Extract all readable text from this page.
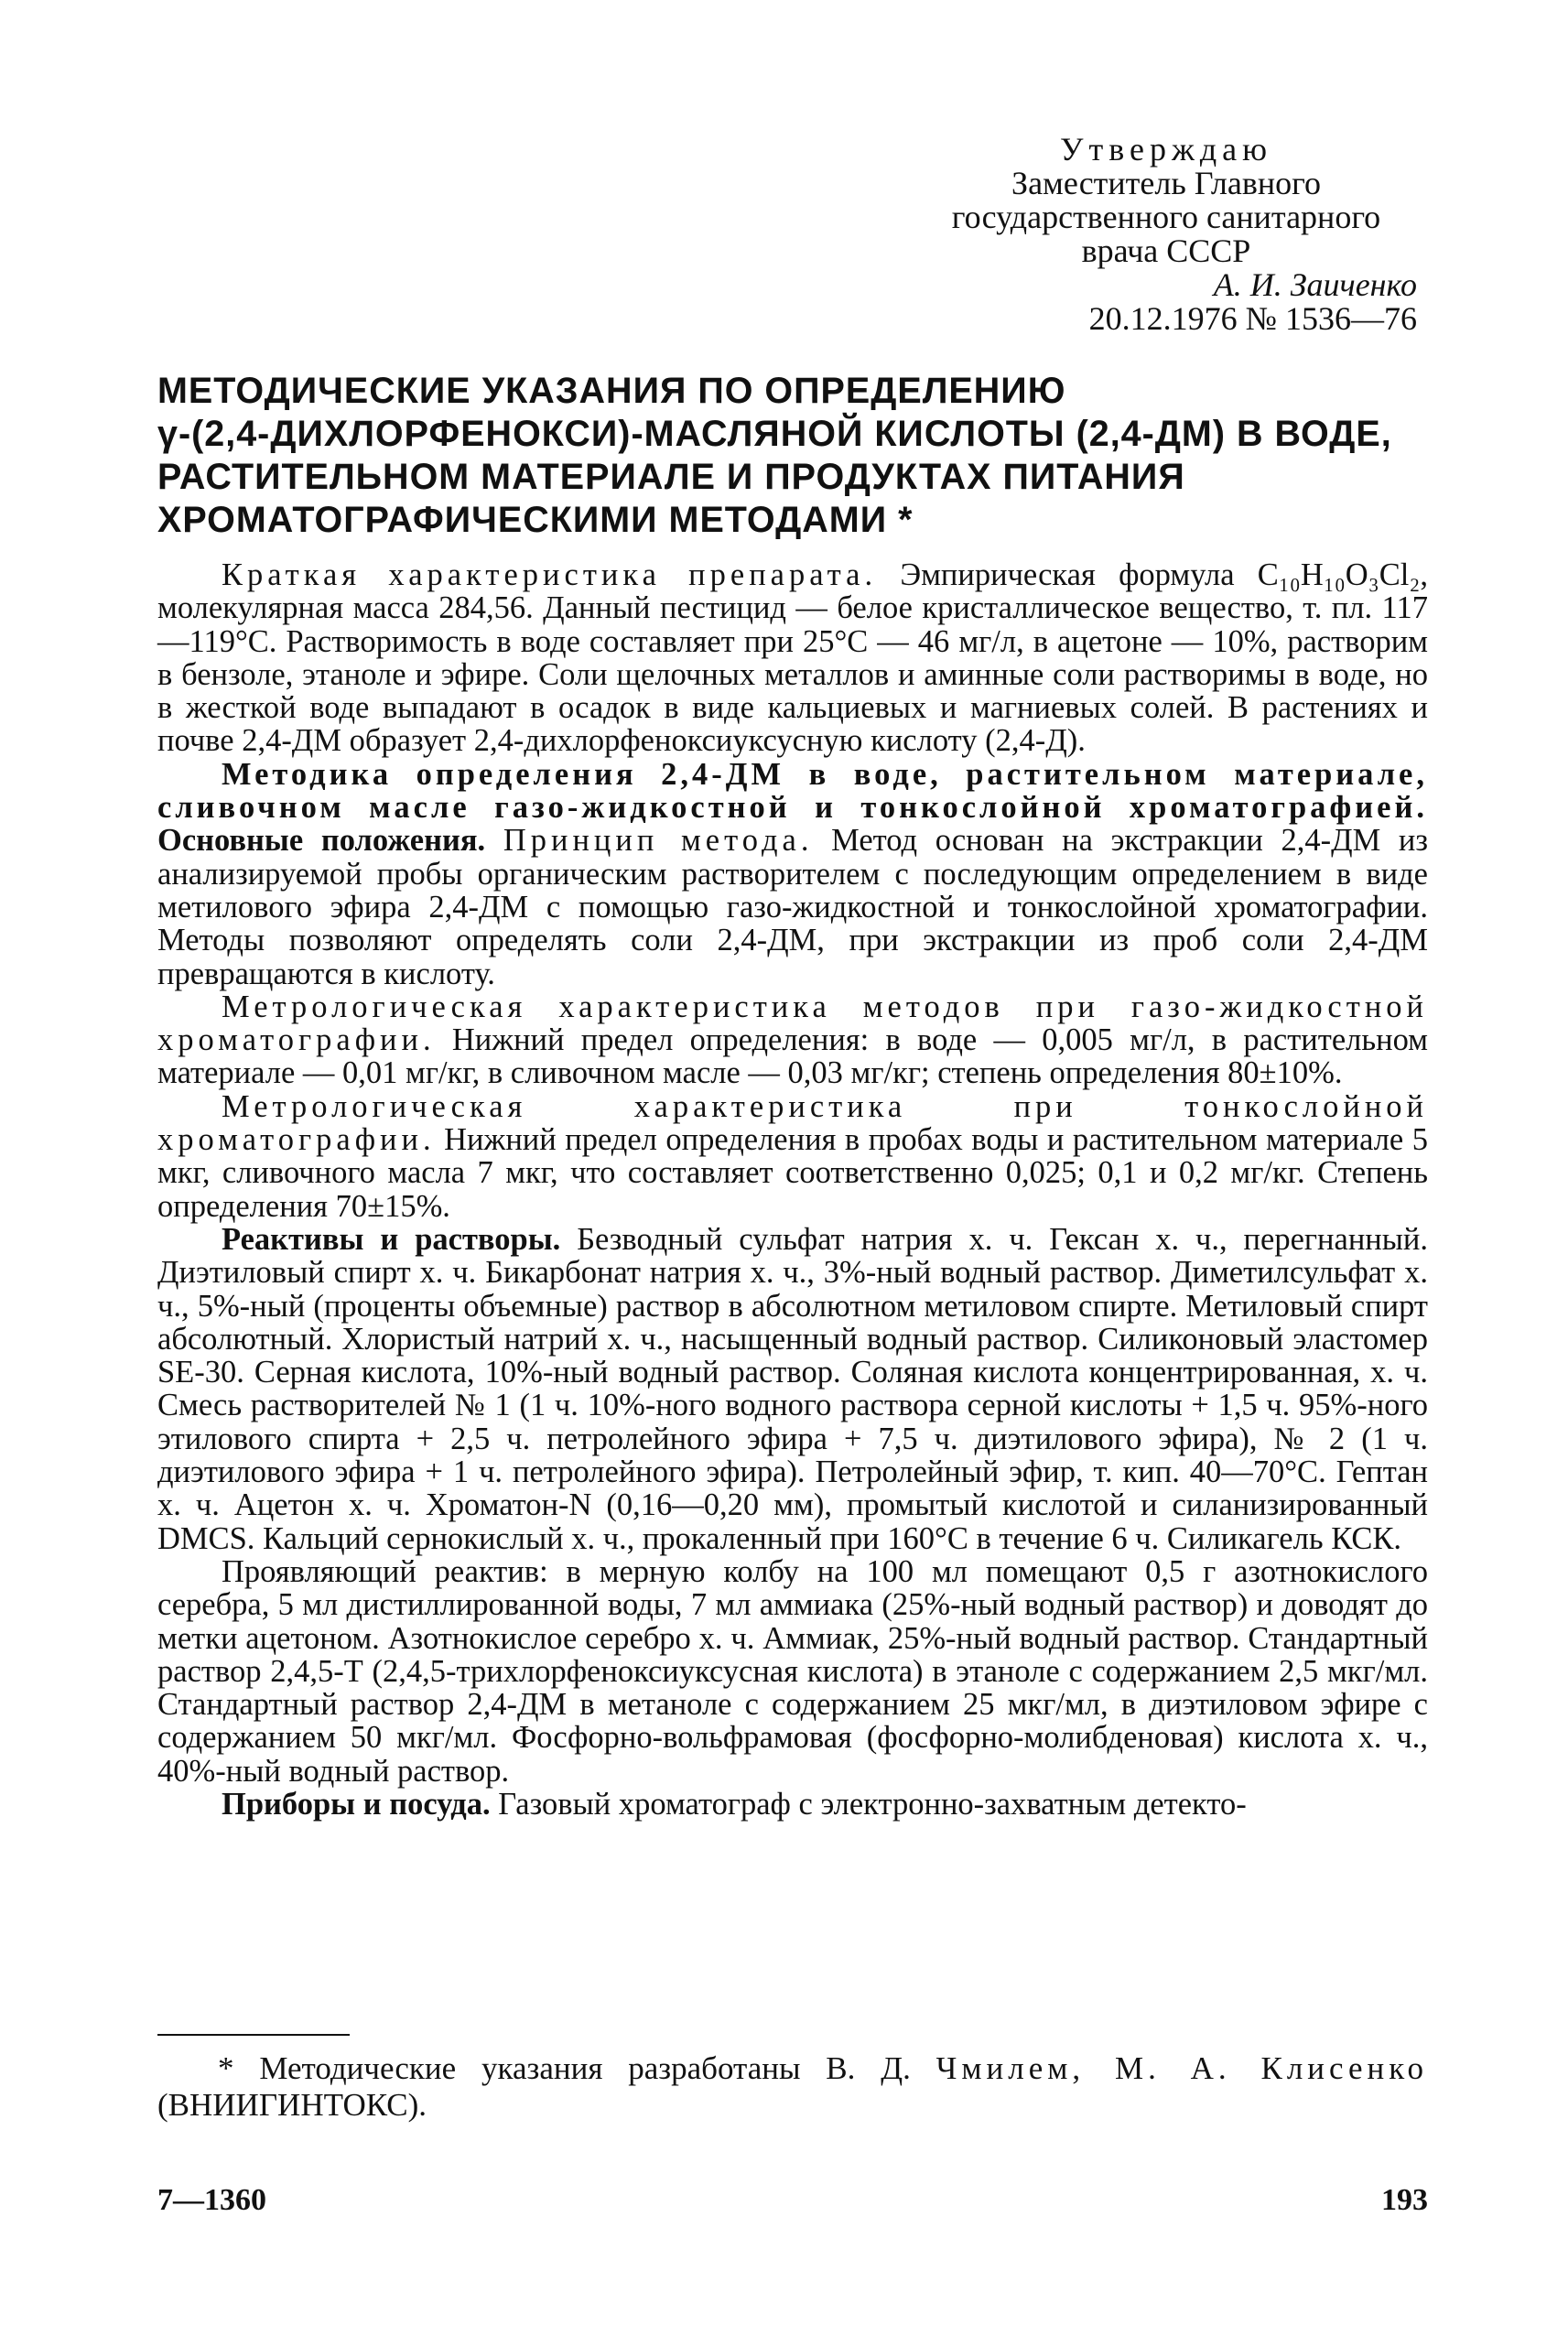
Утверждаю
Заместитель Главного
государственного санитарного
врача СССР
А. И. Заиченко
20.12.1976 № 1536—76
МЕТОДИЧЕСКИЕ УКАЗАНИЯ ПО ОПРЕДЕЛЕНИЮ
γ-(2,4-ДИХЛОРФЕНОКСИ)-МАСЛЯНОЙ КИСЛОТЫ (2,4-ДМ) В ВОДЕ,
РАСТИТЕЛЬНОМ МАТЕРИАЛЕ И ПРОДУКТАХ ПИТАНИЯ
ХРОМАТОГРАФИЧЕСКИМИ МЕТОДАМИ *

Краткая характеристика препарата. Эмпирическая формула C₁₀H₁₀O₃Cl₂, молекулярная масса 284,56. Данный пестицид — белое кристаллическое вещество, т. пл. 117—119°С. Растворимость в воде составляет при 25°С — 46 мг/л, в ацетоне — 10%, растворим в бензоле, этаноле и эфире. Соли щелочных металлов и аминные соли растворимы в воде, но в жесткой воде выпадают в осадок в виде кальциевых и магниевых солей. В растениях и почве 2,4-ДМ образует 2,4-дихлорфеноксиуксусную кислоту (2,4-Д).

Методика определения 2,4-ДМ в воде, растительном материале, сливочном масле газо-жидкостной и тонкослойной хроматографией. Основные положения. Принцип метода. Метод основан на экстракции 2,4-ДМ из анализируемой пробы органическим растворителем с последующим определением в виде метилового эфира 2,4-ДМ с помощью газо-жидкостной и тонкослойной хроматографии. Методы позволяют определять соли 2,4-ДМ, при экстракции из проб соли 2,4-ДМ превращаются в кислоту.

Метрологическая характеристика методов при газо-жидкостной хроматографии. Нижний предел определения: в воде — 0,005 мг/л, в растительном материале — 0,01 мг/кг, в сливочном масле — 0,03 мг/кг; степень определения 80±10%.

Метрологическая характеристика при тонкослойной хроматографии. Нижний предел определения в пробах воды и растительном материале 5 мкг, сливочного масла 7 мкг, что составляет соответственно 0,025; 0,1 и 0,2 мг/кг. Степень определения 70±15%.

Реактивы и растворы. Безводный сульфат натрия х. ч. Гексан х. ч., перегнанный. Диэтиловый спирт х. ч. Бикарбонат натрия х. ч., 3%-ный водный раствор. Диметилсульфат х. ч., 5%-ный (проценты объемные) раствор в абсолютном метиловом спирте. Метиловый спирт абсолютный. Хлористый натрий х. ч., насыщенный водный раствор. Силиконовый эластомер SE-30. Серная кислота, 10%-ный водный раствор. Соляная кислота концентрированная, х. ч. Смесь растворителей № 1 (1 ч. 10%-ного водного раствора серной кислоты + 1,5 ч. 95%-ного этилового спирта + 2,5 ч. петролейного эфира + 7,5 ч. диэтилового эфира), № 2 (1 ч. диэтилового эфира + 1 ч. петролейного эфира). Петролейный эфир, т. кип. 40—70°С. Гептан х. ч. Ацетон х. ч. Хроматон-N (0,16—0,20 мм), промытый кислотой и силанизированный DMCS. Кальций сернокислый х. ч., прокаленный при 160°С в течение 6 ч. Силикагель КСК.

Проявляющий реактив: в мерную колбу на 100 мл помещают 0,5 г азотнокислого серебра, 5 мл дистиллированной воды, 7 мл аммиака (25%-ный водный раствор) и доводят до метки ацетоном. Азотнокислое серебро х. ч. Аммиак, 25%-ный водный раствор. Стандартный раствор 2,4,5-Т (2,4,5-трихлорфеноксиуксусная кислота) в этаноле с содержанием 2,5 мкг/мл. Стандартный раствор 2,4-ДМ в метаноле с содержанием 25 мкг/мл, в диэтиловом эфире с содержанием 50 мкг/мл. Фосфорно-вольфрамовая (фосфорно-молибденовая) кислота х. ч., 40%-ный водный раствор.

Приборы и посуда. Газовый хроматограф с электронно-захватным детекто-

* Методические указания разработаны В. Д. Чмилем, М. А. Клисенко (ВНИИГИНТОКС).

7—1360	193
